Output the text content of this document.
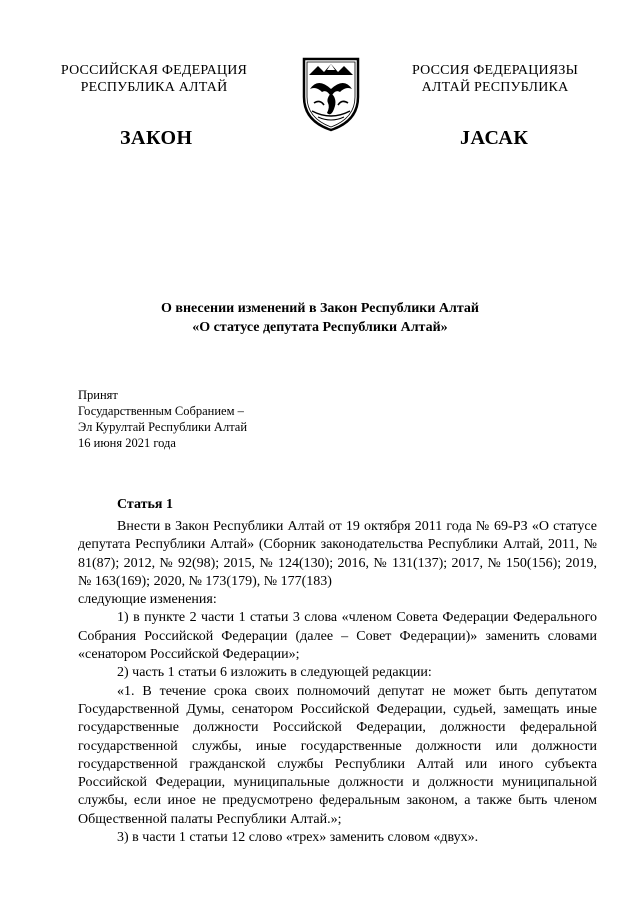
РОССИЙСКАЯ ФЕДЕРАЦИЯ
РЕСПУБЛИКА АЛТАЙ
РОССИЯ ФЕДЕРАЦИЯЗЫ
АЛТАЙ РЕСПУБЛИКА
ЗАКОН	ЈАСАК
О внесении изменений в Закон Республики Алтай
«О статусе депутата Республики Алтай»
Принят
Государственным Собранием –
Эл Курултай Республики Алтай
16 июня 2021 года
Статья 1

Внести в Закон Республики Алтай от 19 октября 2011 года № 69-РЗ «О статусе депутата Республики Алтай» (Сборник законодательства Республики Алтай, 2011, № 81(87); 2012, № 92(98); 2015, № 124(130); 2016, № 131(137); 2017, № 150(156); 2019, № 163(169); 2020, № 173(179), № 177(183)

следующие изменения:

1) в пункте 2 части 1 статьи 3 слова «членом Совета Федерации Федерального Собрания Российской Федерации (далее – Совет Федерации)» заменить словами «сенатором Российской Федерации»;

2) часть 1 статьи 6 изложить в следующей редакции:

«1. В течение срока своих полномочий депутат не может быть депутатом Государственной Думы, сенатором Российской Федерации, судьей, замещать иные государственные должности Российской Федерации, должности федеральной государственной службы, иные государственные должности или должности государственной гражданской службы Республики Алтай или иного субъекта Российской Федерации, муниципальные должности и должности муниципальной службы, если иное не предусмотрено федеральным законом, а также быть членом Общественной палаты Республики Алтай.»;

3) в части 1 статьи 12 слово «трех» заменить словом «двух».
